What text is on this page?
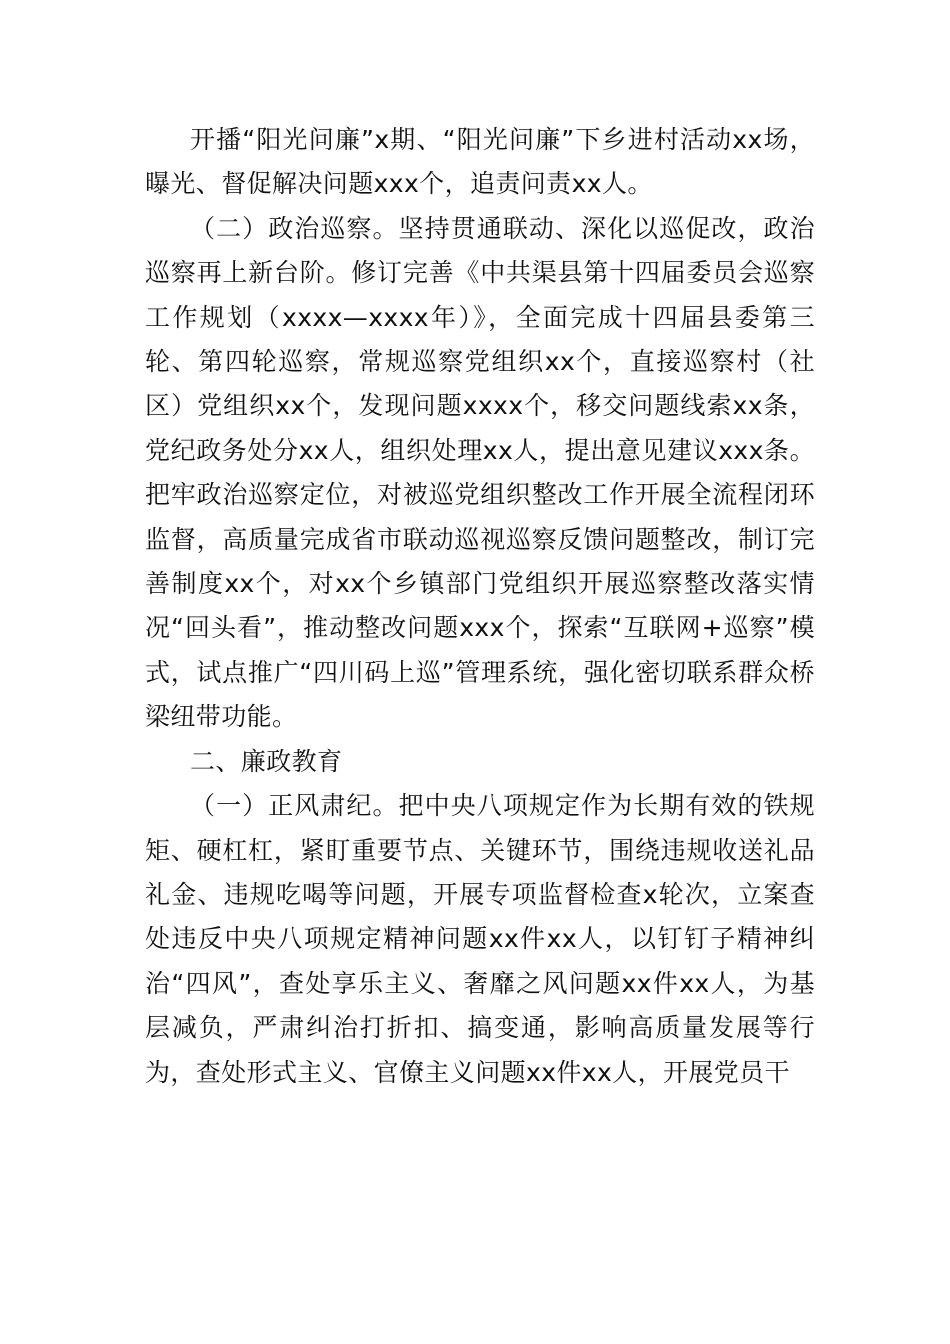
开播“阳光问廉”x期、“阳光问廉”下乡进村活动xx场，曝光、督促解决问题xxx个，追责问责xx人。

（二）政治巡察。坚持贯通联动、深化以巡促改，政治巡察再上新台阶。修订完善《中共渠县第十四届委员会巡察工作规划（xxxx—xxxx年）》，全面完成十四届县委第三轮、第四轮巡察，常规巡察党组织xx个，直接巡察村（社区）党组织xx个，发现问题xxxx个，移交问题线索xx条，党纪政务处分xx人，组织处理xx人，提出意见建议xxx条。把牢政治巡察定位，对被巡党组织整改工作开展全流程闭环监督，高质量完成省市联动巡视巡察反馈问题整改，制订完善制度xx个，对xx个乡镇部门党组织开展巡察整改落实情况“回头看”，推动整改问题xxx个，探索“互联网+巡察”模式，试点推广“四川码上巡”管理系统，强化密切联系群众桥梁纽带功能。

二、廉政教育

（一）正风肃纪。把中央八项规定作为长期有效的铁规矩、硬杠杠，紧盯重要节点、关键环节，围绕违规收送礼品礼金、违规吃喝等问题，开展专项监督检查x轮次，立案查处违反中央八项规定精神问题xx件xx人，以钉钉子精神纠治“四风”，查处享乐主义、奢靡之风问题xx件xx人，为基层减负，严肃纠治打折扣、搞变通，影响高质量发展等行为，查处形式主义、官僚主义问题xx件xx人，开展党员干
